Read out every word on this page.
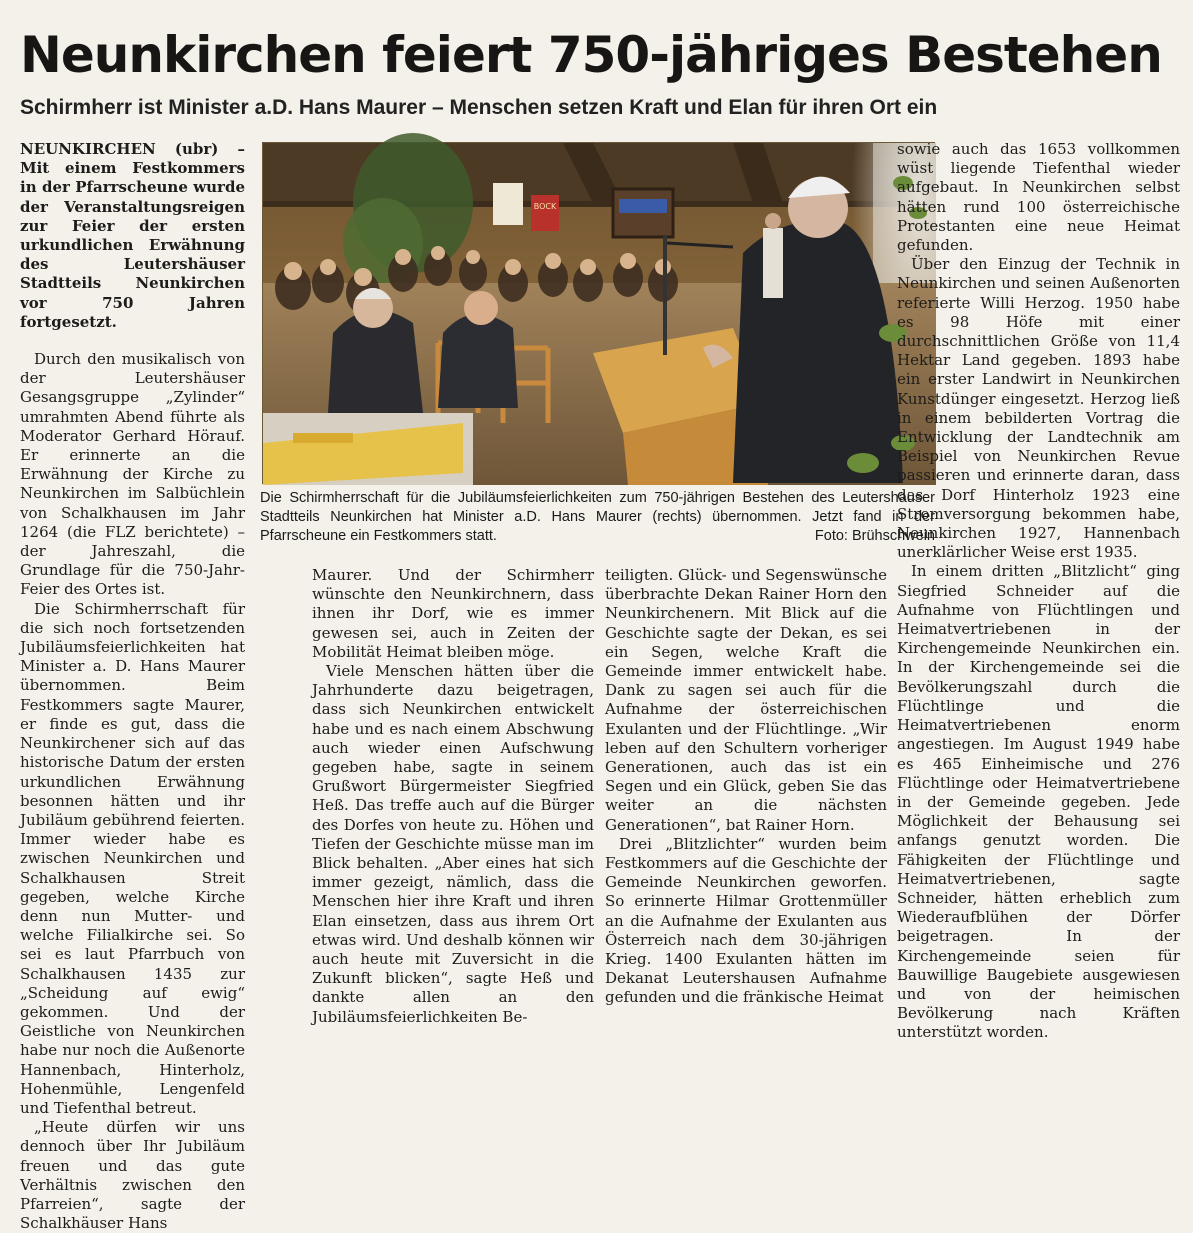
Neunkirchen feiert 750-jähriges Bestehen
Schirmherr ist Minister a.D. Hans Maurer – Menschen setzen Kraft und Elan für ihren Ort ein

NEUNKIRCHEN (ubr) – Mit einem Festkommers in der Pfarrscheune wurde der Veranstaltungsreigen zur Feier der ersten urkundlichen Erwähnung des Leutershäuser Stadtteils Neunkirchen vor 750 Jahren fortgesetzt.

Durch den musikalisch von der Leutershäuser Gesangsgruppe „Zylinder“ umrahmten Abend führte als Moderator Gerhard Hörauf. Er erinnerte an die Erwähnung der Kirche zu Neunkirchen im Salbüchlein von Schalkhausen im Jahr 1264 (die FLZ berichtete) – der Jahreszahl, die Grundlage für die 750-Jahr-Feier des Ortes ist.

Die Schirmherrschaft für die sich noch fortsetzenden Jubiläumsfeierlichkeiten hat Minister a. D. Hans Maurer übernommen. Beim Festkommers sagte Maurer, er finde es gut, dass die Neunkirchener sich auf das historische Datum der ersten urkundlichen Erwähnung besonnen hätten und ihr Jubiläum gebührend feierten. Immer wieder habe es zwischen Neunkirchen und Schalkhausen Streit gegeben, welche Kirche denn nun Mutter- und welche Filialkirche sei. So sei es laut Pfarrbuch von Schalkhausen 1435 zur „Scheidung auf ewig“ gekommen. Und der Geistliche von Neunkirchen habe nur noch die Außenorte Hannenbach, Hinterholz, Hohenmühle, Lengenfeld und Tiefenthal betreut.

„Heute dürfen wir uns dennoch über Ihr Jubiläum freuen und das gute Verhältnis zwischen den Pfarreien“, sagte der Schalkhäuser Hans

BOCK
Die Schirmherrschaft für die Jubiläumsfeierlichkeiten zum 750-jährigen Bestehen des Leutershäuser Stadtteils Neunkirchen hat Minister a.D. Hans Maurer (rechts) übernommen. Jetzt fand in der Pfarrscheune ein Festkommers statt.	Foto: Brühschwein

Maurer. Und der Schirmherr wünschte den Neunkirchnern, dass ihnen ihr Dorf, wie es immer gewesen sei, auch in Zeiten der Mobilität Heimat bleiben möge.

Viele Menschen hätten über die Jahrhunderte dazu beigetragen, dass sich Neunkirchen entwickelt habe und es nach einem Abschwung auch wieder einen Aufschwung gegeben habe, sagte in seinem Grußwort Bürgermeister Siegfried Heß. Das treffe auch auf die Bürger des Dorfes von heute zu. Höhen und Tiefen der Geschichte müsse man im Blick behalten. „Aber eines hat sich immer gezeigt, nämlich, dass die Menschen hier ihre Kraft und ihren Elan einsetzen, dass aus ihrem Ort etwas wird. Und deshalb können wir auch heute mit Zuversicht in die Zukunft blicken“, sagte Heß und dankte allen an den Jubiläumsfeierlichkeiten Be-

teiligten. Glück- und Segenswünsche überbrachte Dekan Rainer Horn den Neunkirchenern. Mit Blick auf die Geschichte sagte der Dekan, es sei ein Segen, welche Kraft die Gemeinde immer entwickelt habe. Dank zu sagen sei auch für die Aufnahme der österreichischen Exulanten und der Flüchtlinge. „Wir leben auf den Schultern vorheriger Generationen, auch das ist ein Segen und ein Glück, geben Sie das weiter an die nächsten Generationen“, bat Rainer Horn.

Drei „Blitzlichter“ wurden beim Festkommers auf die Geschichte der Gemeinde Neunkirchen geworfen. So erinnerte Hilmar Grottenmüller an die Aufnahme der Exulanten aus Österreich nach dem 30-jährigen Krieg. 1400 Exulanten hätten im Dekanat Leutershausen Aufnahme gefunden und die fränkische Heimat

sowie auch das 1653 vollkommen wüst liegende Tiefenthal wieder aufgebaut. In Neunkirchen selbst hätten rund 100 österreichische Protestanten eine neue Heimat gefunden.

Über den Einzug der Technik in Neunkirchen und seinen Außenorten referierte Willi Herzog. 1950 habe es 98 Höfe mit einer durchschnittlichen Größe von 11,4 Hektar Land gegeben. 1893 habe ein erster Landwirt in Neunkirchen Kunstdünger eingesetzt. Herzog ließ in einem bebilderten Vortrag die Entwicklung der Landtechnik am Beispiel von Neunkirchen Revue passieren und erinnerte daran, dass das Dorf Hinterholz 1923 eine Stromversorgung bekommen habe, Neunkirchen 1927, Hannenbach unerklärlicher Weise erst 1935.

In einem dritten „Blitzlicht“ ging Siegfried Schneider auf die Aufnahme von Flüchtlingen und Heimatvertriebenen in der Kirchengemeinde Neunkirchen ein. In der Kirchengemeinde sei die Bevölkerungszahl durch die Flüchtlinge und die Heimatvertriebenen enorm angestiegen. Im August 1949 habe es 465 Einheimische und 276 Flüchtlinge oder Heimatvertriebene in der Gemeinde gegeben. Jede Möglichkeit der Behausung sei anfangs genutzt worden. Die Fähigkeiten der Flüchtlinge und Heimatvertriebenen, sagte Schneider, hätten erheblich zum Wiederaufblühen der Dörfer beigetragen. In der Kirchengemeinde seien für Bauwillige Baugebiete ausgewiesen und von der heimischen Bevölkerung nach Kräften unterstützt worden.
